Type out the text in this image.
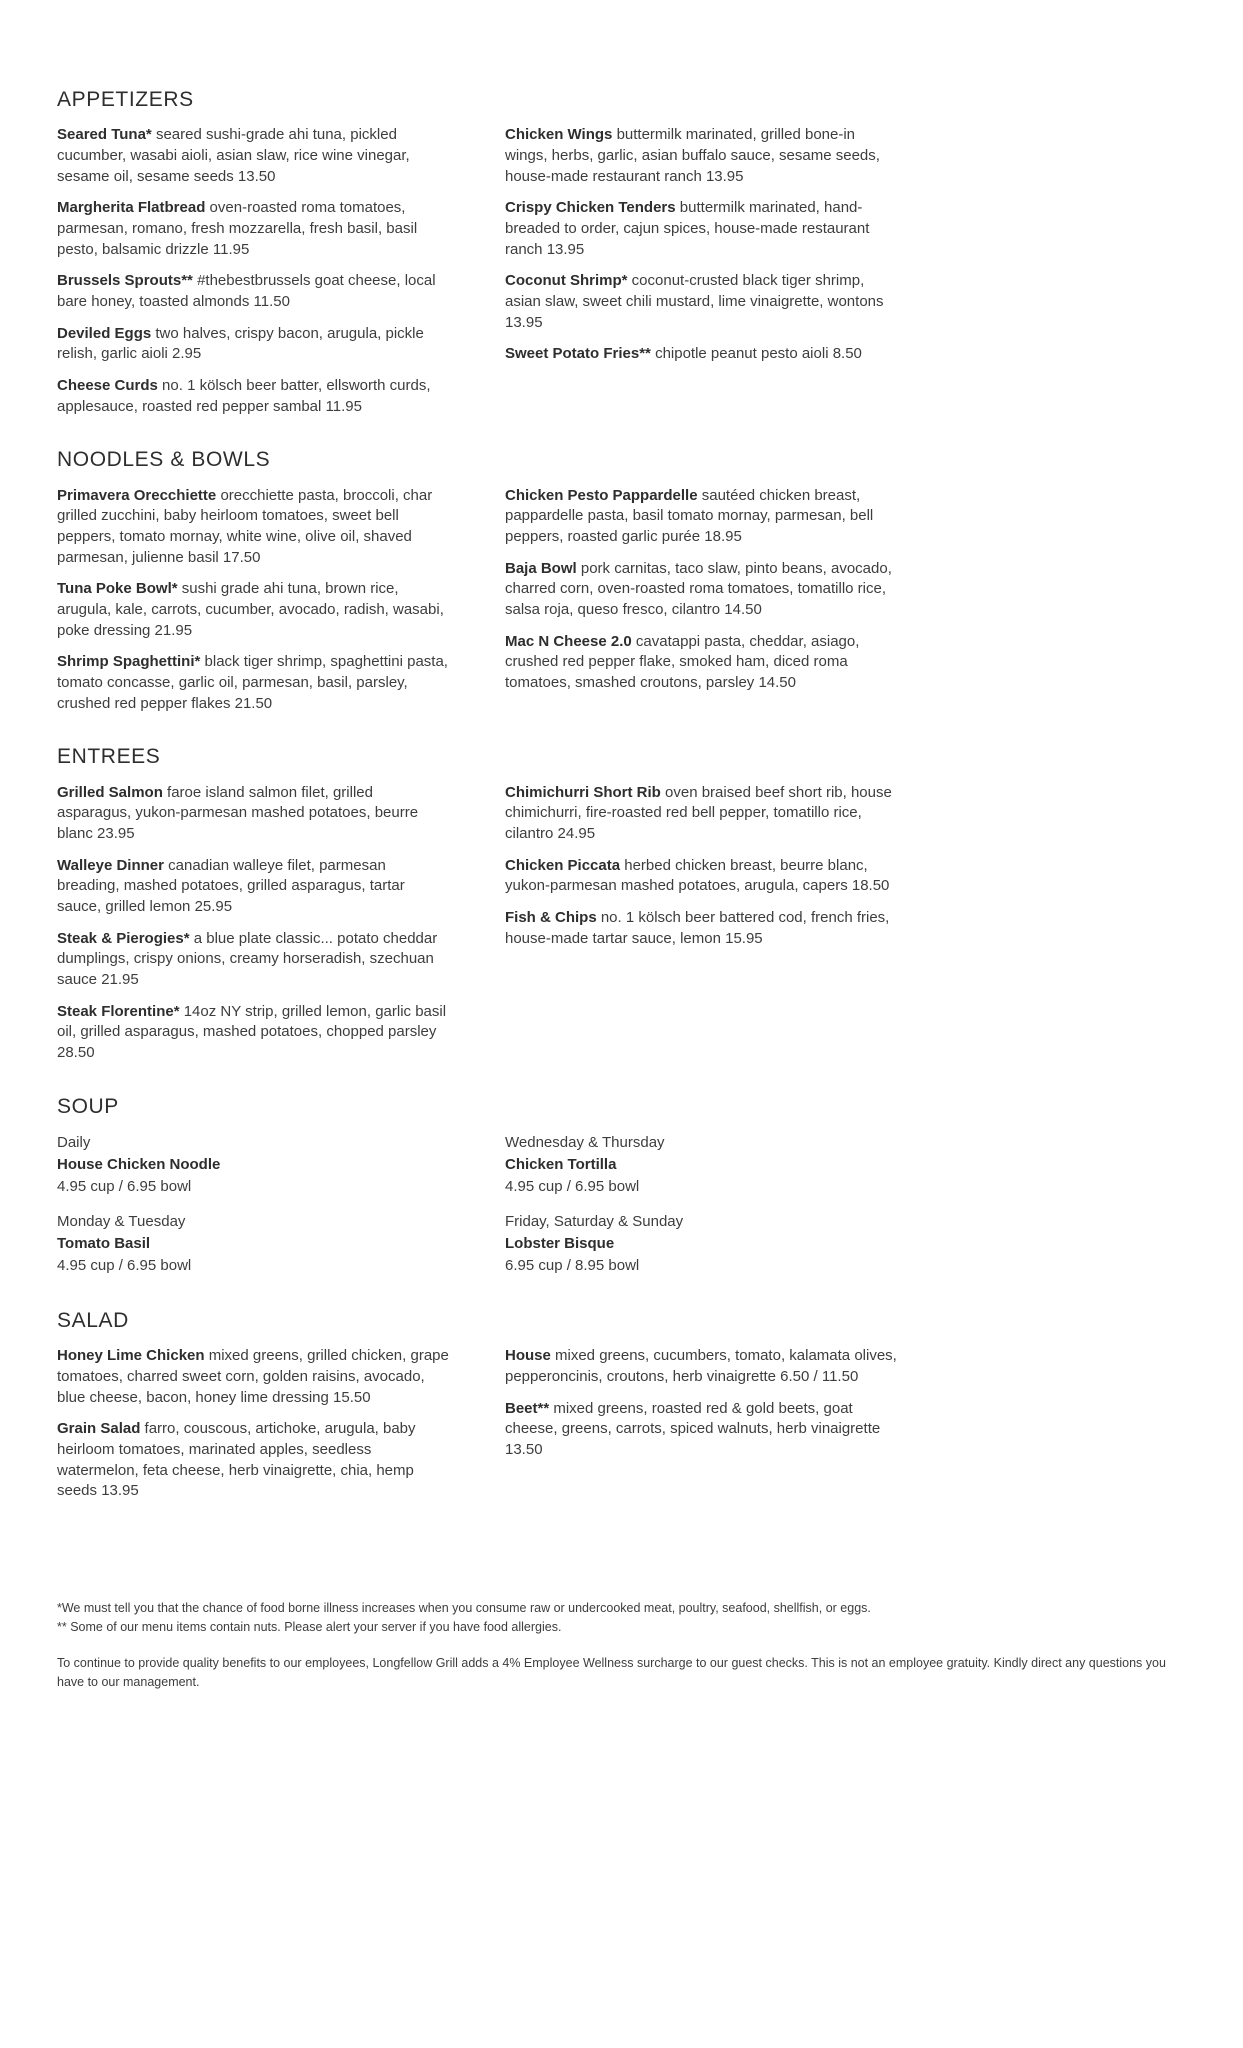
APPETIZERS

Seared Tuna* seared sushi-grade ahi tuna, pickled cucumber, wasabi aioli, asian slaw, rice wine vinegar, sesame oil, sesame seeds 13.50

Margherita Flatbread oven-roasted roma tomatoes, parmesan, romano, fresh mozzarella, fresh basil, basil pesto, balsamic drizzle 11.95

Brussels Sprouts** #thebestbrussels goat cheese, local bare honey, toasted almonds 11.50

Deviled Eggs two halves, crispy bacon, arugula, pickle relish, garlic aioli 2.95

Cheese Curds no. 1 kölsch beer batter, ellsworth curds, applesauce, roasted red pepper sambal 11.95

Chicken Wings buttermilk marinated, grilled bone-in wings, herbs, garlic, asian buffalo sauce, sesame seeds, house-made restaurant ranch 13.95

Crispy Chicken Tenders buttermilk marinated, hand-breaded to order, cajun spices, house-made restaurant ranch 13.95

Coconut Shrimp* coconut-crusted black tiger shrimp, asian slaw, sweet chili mustard, lime vinaigrette, wontons 13.95

Sweet Potato Fries** chipotle peanut pesto aioli 8.50

NOODLES & BOWLS

Primavera Orecchiette orecchiette pasta, broccoli, char grilled zucchini, baby heirloom tomatoes, sweet bell peppers, tomato mornay, white wine, olive oil, shaved parmesan, julienne basil 17.50

Tuna Poke Bowl* sushi grade ahi tuna, brown rice, arugula, kale, carrots, cucumber, avocado, radish, wasabi, poke dressing 21.95

Shrimp Spaghettini* black tiger shrimp, spaghettini pasta, tomato concasse, garlic oil, parmesan, basil, parsley, crushed red pepper flakes 21.50

Chicken Pesto Pappardelle sautéed chicken breast, pappardelle pasta, basil tomato mornay, parmesan, bell peppers, roasted garlic purée 18.95

Baja Bowl pork carnitas, taco slaw, pinto beans, avocado, charred corn, oven-roasted roma tomatoes, tomatillo rice, salsa roja, queso fresco, cilantro 14.50

Mac N Cheese 2.0 cavatappi pasta, cheddar, asiago, crushed red pepper flake, smoked ham, diced roma tomatoes, smashed croutons, parsley 14.50

ENTREES

Grilled Salmon faroe island salmon filet, grilled asparagus, yukon-parmesan mashed potatoes, beurre blanc 23.95

Walleye Dinner canadian walleye filet, parmesan breading, mashed potatoes, grilled asparagus, tartar sauce, grilled lemon 25.95

Steak & Pierogies* a blue plate classic... potato cheddar dumplings, crispy onions, creamy horseradish, szechuan sauce 21.95

Steak Florentine* 14oz NY strip, grilled lemon, garlic basil oil, grilled asparagus, mashed potatoes, chopped parsley 28.50

Chimichurri Short Rib oven braised beef short rib, house chimichurri, fire-roasted red bell pepper, tomatillo rice, cilantro 24.95

Chicken Piccata herbed chicken breast, beurre blanc, yukon-parmesan mashed potatoes, arugula, capers 18.50

Fish & Chips no. 1 kölsch beer battered cod, french fries, house-made tartar sauce, lemon 15.95

SOUP
Daily
House Chicken Noodle
4.95 cup / 6.95 bowl
Monday & Tuesday
Tomato Basil
4.95 cup / 6.95 bowl
Wednesday & Thursday
Chicken Tortilla
4.95 cup / 6.95 bowl
Friday, Saturday & Sunday
Lobster Bisque
6.95 cup / 8.95 bowl
SALAD

Honey Lime Chicken mixed greens, grilled chicken, grape tomatoes, charred sweet corn, golden raisins, avocado, blue cheese, bacon, honey lime dressing 15.50

Grain Salad farro, couscous, artichoke, arugula, baby heirloom tomatoes, marinated apples, seedless watermelon, feta cheese, herb vinaigrette, chia, hemp seeds 13.95

House mixed greens, cucumbers, tomato, kalamata olives, pepperoncinis, croutons, herb vinaigrette 6.50 / 11.50

Beet** mixed greens, roasted red & gold beets, goat cheese, greens, carrots, spiced walnuts, herb vinaigrette 13.50

*We must tell you that the chance of food borne illness increases when you consume raw or undercooked meat, poultry, seafood, shellfish, or eggs.

** Some of our menu items contain nuts. Please alert your server if you have food allergies.

To continue to provide quality benefits to our employees, Longfellow Grill adds a 4% Employee Wellness surcharge to our guest checks. This is not an employee gratuity. Kindly direct any questions you have to our management.
